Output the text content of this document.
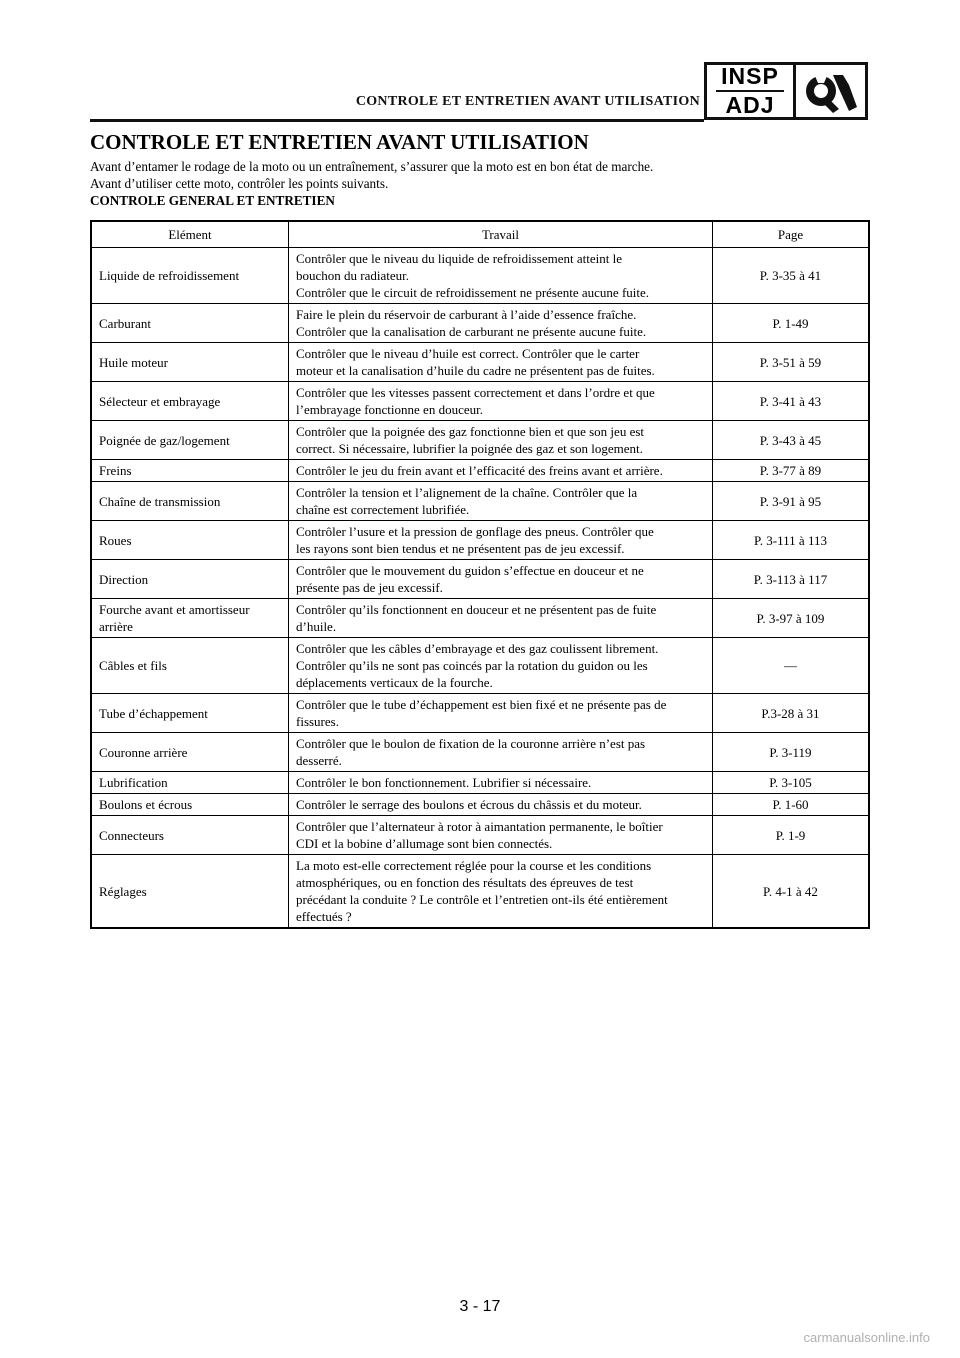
CONTROLE ET ENTRETIEN AVANT UTILISATION
INSP
ADJ
CONTROLE ET ENTRETIEN AVANT UTILISATION
Avant d’entamer le rodage de la moto ou un entraînement, s’assurer que la moto est en bon état de marche.
Avant d’utiliser cette moto, contrôler les points suivants.
CONTROLE GENERAL ET ENTRETIEN
Elément	Travail	Page
Liquide de refroidissement	Contrôler que le niveau du liquide de refroidissement atteint le
bouchon du radiateur.
Contrôler que le circuit de refroidissement ne présente aucune fuite.	P. 3-35 à 41
Carburant	Faire le plein du réservoir de carburant à l’aide d’essence fraîche.
Contrôler que la canalisation de carburant ne présente aucune fuite.	P. 1-49
Huile moteur	Contrôler que le niveau d’huile est correct. Contrôler que le carter
moteur et la canalisation d’huile du cadre ne présentent pas de fuites.	P. 3-51 à 59
Sélecteur et embrayage	Contrôler que les vitesses passent correctement et dans l’ordre et que
l’embrayage fonctionne en douceur.	P. 3-41 à 43
Poignée de gaz/logement	Contrôler que la poignée des gaz fonctionne bien et que son jeu est
correct. Si nécessaire, lubrifier la poignée des gaz et son logement.	P. 3-43 à 45
Freins	Contrôler le jeu du frein avant et l’efficacité des freins avant et arrière.	P. 3-77 à 89
Chaîne de transmission	Contrôler la tension et l’alignement de la chaîne. Contrôler que la
chaîne est correctement lubrifiée.	P. 3-91 à 95
Roues	Contrôler l’usure et la pression de gonflage des pneus. Contrôler que
les rayons sont bien tendus et ne présentent pas de jeu excessif.	P. 3-111 à 113
Direction	Contrôler que le mouvement du guidon s’effectue en douceur et ne
présente pas de jeu excessif.	P. 3-113 à 117
Fourche avant et amortisseur arrière	Contrôler qu’ils fonctionnent en douceur et ne présentent pas de fuite
d’huile.	P. 3-97 à 109
Câbles et fils	Contrôler que les câbles d’embrayage et des gaz coulissent librement.
Contrôler qu’ils ne sont pas coincés par la rotation du guidon ou les
déplacements verticaux de la fourche.	—
Tube d’échappement	Contrôler que le tube d’échappement est bien fixé et ne présente pas de
fissures.	P.3-28 à 31
Couronne arrière	Contrôler que le boulon de fixation de la couronne arrière n’est pas
desserré.	P. 3-119
Lubrification	Contrôler le bon fonctionnement. Lubrifier si nécessaire.	P. 3-105
Boulons et écrous	Contrôler le serrage des boulons et écrous du châssis et du moteur.	P. 1-60
Connecteurs	Contrôler que l’alternateur à rotor à aimantation permanente, le boîtier
CDI et la bobine d’allumage sont bien connectés.	P. 1-9
Réglages	La moto est-elle correctement réglée pour la course et les conditions
atmosphériques, ou en fonction des résultats des épreuves de test
précédant la conduite ? Le contrôle et l’entretien ont-ils été entièrement
effectués ?	P. 4-1 à 42
3 - 17
carmanualsonline.info
